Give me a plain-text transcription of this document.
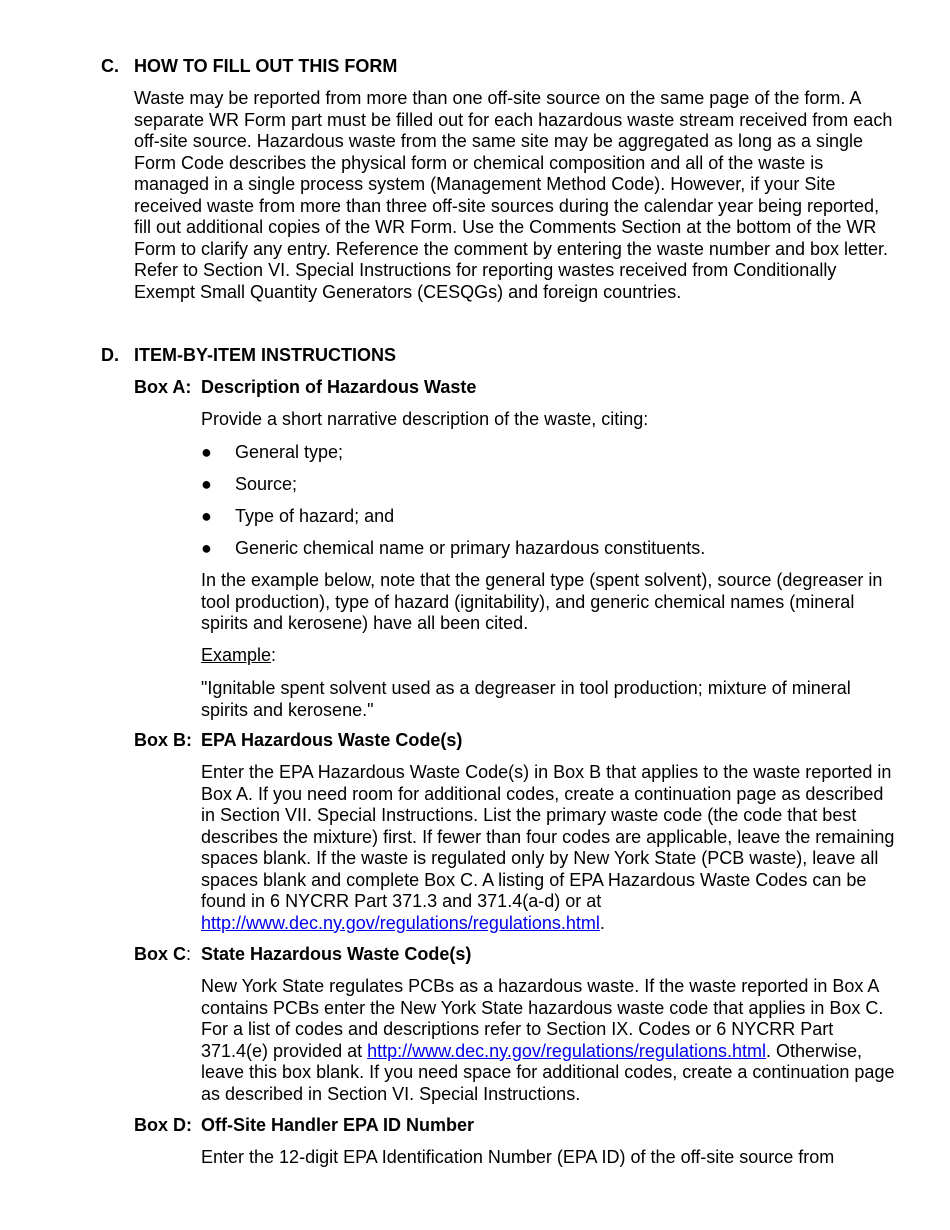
C. HOW TO FILL OUT THIS FORM

Waste may be reported from more than one off-site source on the same page of the form. A separate WR Form part must be filled out for each hazardous waste stream received from each off-site source. Hazardous waste from the same site may be aggregated as long as a single Form Code describes the physical form or chemical composition and all of the waste is managed in a single process system (Management Method Code). However, if your Site received waste from more than three off-site sources during the calendar year being reported, fill out additional copies of the WR Form. Use the Comments Section at the bottom of the WR Form to clarify any entry. Reference the comment by entering the waste number and box letter. Refer to Section VI. Special Instructions for reporting wastes received from Conditionally Exempt Small Quantity Generators (CESQGs) and foreign countries.

D. ITEM-BY-ITEM INSTRUCTIONS
Box A: Description of Hazardous Waste

Provide a short narrative description of the waste, citing:

● General type;
● Source;
● Type of hazard; and
● Generic chemical name or primary hazardous constituents.

In the example below, note that the general type (spent solvent), source (degreaser in tool production), type of hazard (ignitability), and generic chemical names (mineral spirits and kerosene) have all been cited.

Example:

"Ignitable spent solvent used as a degreaser in tool production; mixture of mineral spirits and kerosene."

Box B: EPA Hazardous Waste Code(s)

Enter the EPA Hazardous Waste Code(s) in Box B that applies to the waste reported in Box A. If you need room for additional codes, create a continuation page as described in Section VII. Special Instructions. List the primary waste code (the code that best describes the mixture) first. If fewer than four codes are applicable, leave the remaining spaces blank. If the waste is regulated only by New York State (PCB waste), leave all spaces blank and complete Box C. A listing of EPA Hazardous Waste Codes can be found in 6 NYCRR Part 371.3 and 371.4(a-d) or at http://www.dec.ny.gov/regulations/regulations.html.

Box C: State Hazardous Waste Code(s)

New York State regulates PCBs as a hazardous waste. If the waste reported in Box A contains PCBs enter the New York State hazardous waste code that applies in Box C. For a list of codes and descriptions refer to Section IX. Codes or 6 NYCRR Part 371.4(e) provided at http://www.dec.ny.gov/regulations/regulations.html. Otherwise, leave this box blank. If you need space for additional codes, create a continuation page as described in Section VI. Special Instructions.

Box D: Off-Site Handler EPA ID Number

Enter the 12-digit EPA Identification Number (EPA ID) of the off-site source from
